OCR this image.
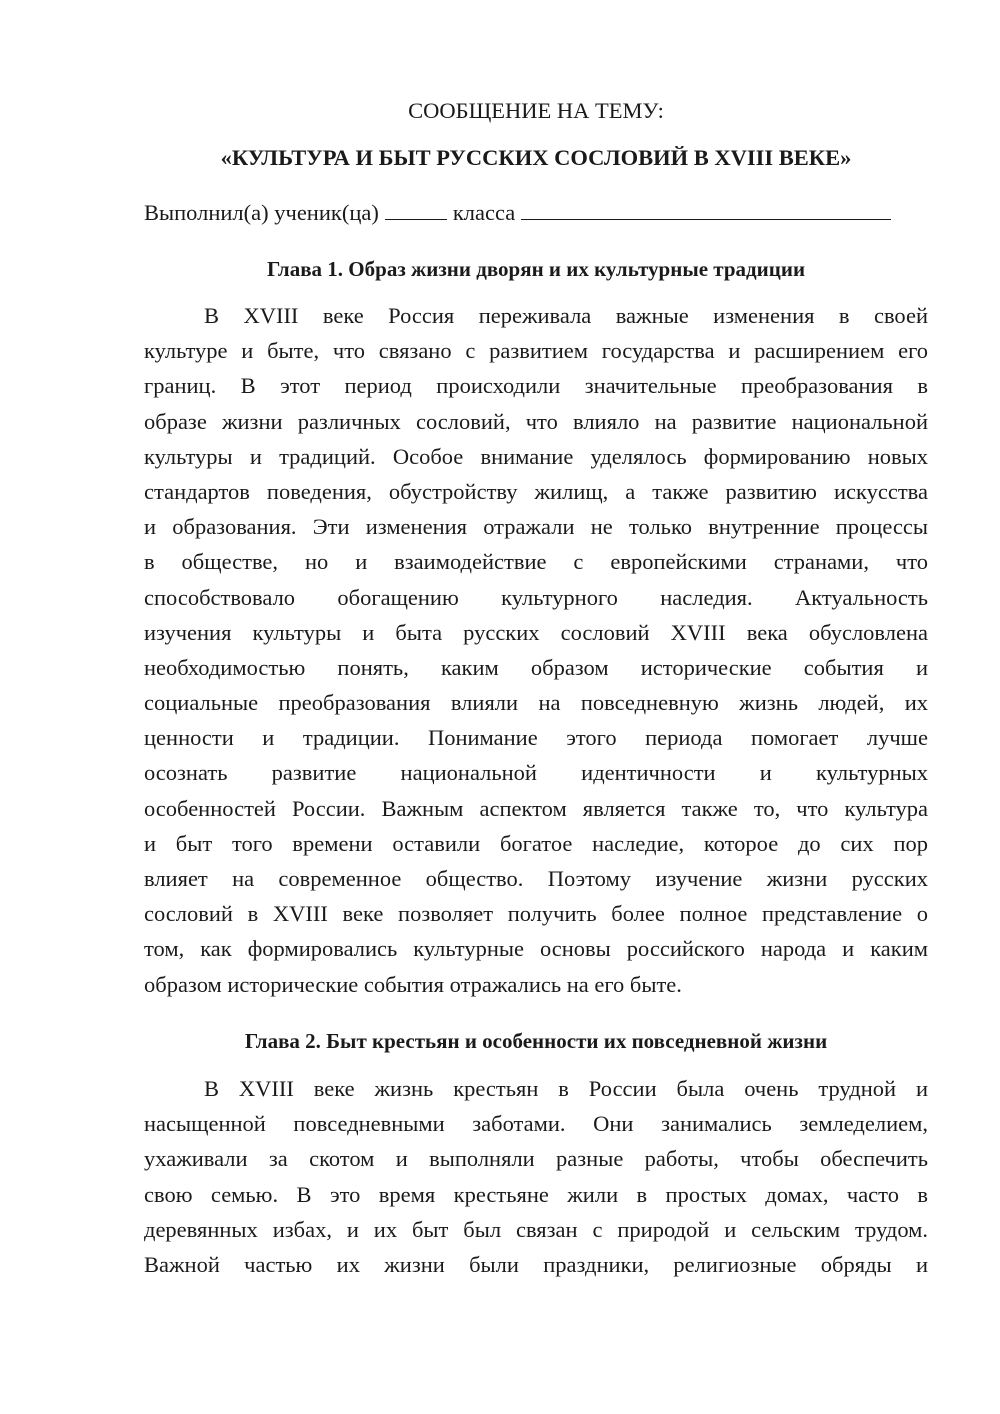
СООБЩЕНИЕ НА ТЕМУ:
«КУЛЬТУРА И БЫТ РУССКИХ СОСЛОВИЙ В XVIII ВЕКЕ»
Выполнил(а) ученик(ца)	класса
Глава 1. Образ жизни дворян и их культурные традиции
В XVIII веке Россия переживала важные изменения в своей
культуре и быте, что связано с развитием государства и расширением его
границ. В этот период происходили значительные преобразования в
образе жизни различных сословий, что влияло на развитие национальной
культуры и традиций. Особое внимание уделялось формированию новых
стандартов поведения, обустройству жилищ, а также развитию искусства
и образования. Эти изменения отражали не только внутренние процессы
в обществе, но и взаимодействие с европейскими странами, что
способствовало обогащению культурного наследия. Актуальность
изучения культуры и быта русских сословий XVIII века обусловлена
необходимостью понять, каким образом исторические события и
социальные преобразования влияли на повседневную жизнь людей, их
ценности и традиции. Понимание этого периода помогает лучше
осознать развитие национальной идентичности и культурных
особенностей России. Важным аспектом является также то, что культура
и быт того времени оставили богатое наследие, которое до сих пор
влияет на современное общество. Поэтому изучение жизни русских
сословий в XVIII веке позволяет получить более полное представление о
том, как формировались культурные основы российского народа и каким
образом исторические события отражались на его быте.
Глава 2. Быт крестьян и особенности их повседневной жизни
В XVIII веке жизнь крестьян в России была очень трудной и
насыщенной повседневными заботами. Они занимались земледелием,
ухаживали за скотом и выполняли разные работы, чтобы обеспечить
свою семью. В это время крестьяне жили в простых домах, часто в
деревянных избах, и их быт был связан с природой и сельским трудом.
Важной частью их жизни были праздники, религиозные обряды и
